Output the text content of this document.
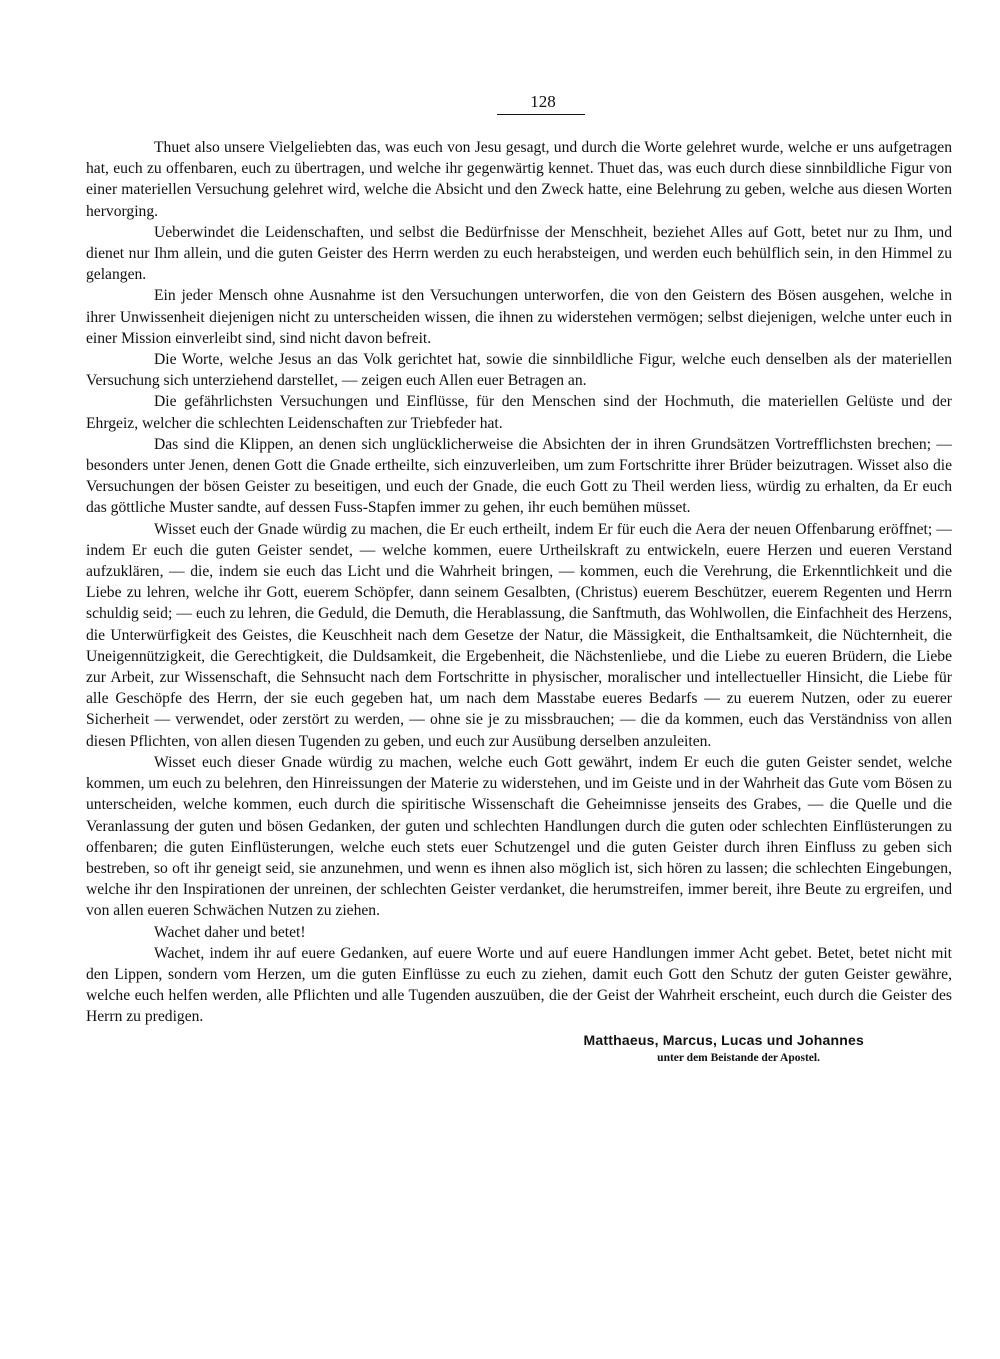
128

Thuet also unsere Vielgeliebten das, was euch von Jesu gesagt, und durch die Worte gelehret wurde, welche er uns aufgetragen hat, euch zu offenbaren, euch zu übertragen, und welche ihr gegenwärtig kennet. Thuet das, was euch durch diese sinnbildliche Figur von einer materiellen Versuchung gelehret wird, welche die Absicht und den Zweck hatte, eine Belehrung zu geben, welche aus diesen Worten hervorging.

Ueberwindet die Leidenschaften, und selbst die Bedürfnisse der Menschheit, beziehet Alles auf Gott, betet nur zu Ihm, und dienet nur Ihm allein, und die guten Geister des Herrn werden zu euch herabsteigen, und werden euch behülflich sein, in den Himmel zu gelangen.

Ein jeder Mensch ohne Ausnahme ist den Versuchungen unterworfen, die von den Geistern des Bösen ausgehen, welche in ihrer Unwissenheit diejenigen nicht zu unterscheiden wissen, die ihnen zu widerstehen vermögen; selbst diejenigen, welche unter euch in einer Mission einverleibt sind, sind nicht davon befreit.

Die Worte, welche Jesus an das Volk gerichtet hat, sowie die sinnbildliche Figur, welche euch denselben als der materiellen Versuchung sich unterziehend darstellet, — zeigen euch Allen euer Betragen an.

Die gefährlichsten Versuchungen und Einflüsse, für den Menschen sind der Hochmuth, die materiellen Gelüste und der Ehrgeiz, welcher die schlechten Leidenschaften zur Triebfeder hat.

Das sind die Klippen, an denen sich unglücklicherweise die Absichten der in ihren Grundsätzen Vortrefflichsten brechen; — besonders unter Jenen, denen Gott die Gnade ertheilte, sich einzuverleiben, um zum Fortschritte ihrer Brüder beizutragen. Wisset also die Versuchungen der bösen Geister zu beseitigen, und euch der Gnade, die euch Gott zu Theil werden liess, würdig zu erhalten, da Er euch das göttliche Muster sandte, auf dessen Fuss-Stapfen immer zu gehen, ihr euch bemühen müsset.

Wisset euch der Gnade würdig zu machen, die Er euch ertheilt, indem Er für euch die Aera der neuen Offenbarung eröffnet; — indem Er euch die guten Geister sendet, — welche kommen, euere Urtheilskraft zu entwickeln, euere Herzen und eueren Verstand aufzuklären, — die, indem sie euch das Licht und die Wahrheit bringen, — kommen, euch die Verehrung, die Erkenntlichkeit und die Liebe zu lehren, welche ihr Gott, euerem Schöpfer, dann seinem Gesalbten, (Christus) euerem Beschützer, euerem Regenten und Herrn schuldig seid; — euch zu lehren, die Geduld, die Demuth, die Herablassung, die Sanftmuth, das Wohlwollen, die Einfachheit des Herzens, die Unterwürfigkeit des Geistes, die Keuschheit nach dem Gesetze der Natur, die Mässigkeit, die Enthaltsamkeit, die Nüchternheit, die Uneigennützigkeit, die Gerechtigkeit, die Duldsamkeit, die Ergebenheit, die Nächstenliebe, und die Liebe zu eueren Brüdern, die Liebe zur Arbeit, zur Wissenschaft, die Sehnsucht nach dem Fortschritte in physischer, moralischer und intellectueller Hinsicht, die Liebe für alle Geschöpfe des Herrn, der sie euch gegeben hat, um nach dem Masstabe eueres Bedarfs — zu euerem Nutzen, oder zu euerer Sicherheit — verwendet, oder zerstört zu werden, — ohne sie je zu missbrauchen; — die da kommen, euch das Verständniss von allen diesen Pflichten, von allen diesen Tugenden zu geben, und euch zur Ausübung derselben anzuleiten.

Wisset euch dieser Gnade würdig zu machen, welche euch Gott gewährt, indem Er euch die guten Geister sendet, welche kommen, um euch zu belehren, den Hinreissungen der Materie zu widerstehen, und im Geiste und in der Wahrheit das Gute vom Bösen zu unterscheiden, welche kommen, euch durch die spiritische Wissenschaft die Geheimnisse jenseits des Grabes, — die Quelle und die Veranlassung der guten und bösen Gedanken, der guten und schlechten Handlungen durch die guten oder schlechten Einflüsterungen zu offenbaren; die guten Einflüsterungen, welche euch stets euer Schutzengel und die guten Geister durch ihren Einfluss zu geben sich bestreben, so oft ihr geneigt seid, sie anzunehmen, und wenn es ihnen also möglich ist, sich hören zu lassen; die schlechten Eingebungen, welche ihr den Inspirationen der unreinen, der schlechten Geister verdanket, die herumstreifen, immer bereit, ihre Beute zu ergreifen, und von allen eueren Schwächen Nutzen zu ziehen.

Wachet daher und betet!

Wachet, indem ihr auf euere Gedanken, auf euere Worte und auf euere Handlungen immer Acht gebet. Betet, betet nicht mit den Lippen, sondern vom Herzen, um die guten Einflüsse zu euch zu ziehen, damit euch Gott den Schutz der guten Geister gewähre, welche euch helfen werden, alle Pflichten und alle Tugenden auszuüben, die der Geist der Wahrheit erscheint, euch durch die Geister des Herrn zu predigen.

Matthaeus, Marcus, Lucas und Johannes
unter dem Beistande der Apostel.
